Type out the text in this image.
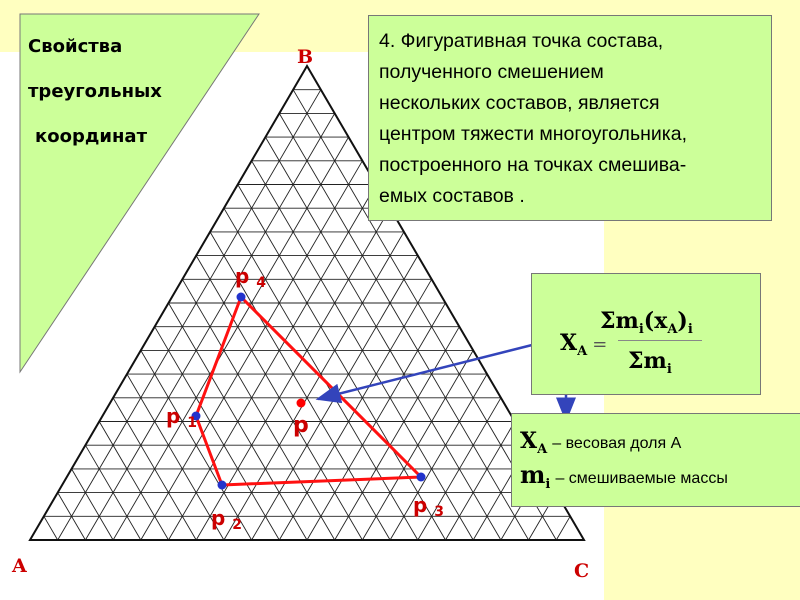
Свойства
треугольных
координат
A
B
C
p $_4$
p $_1$
p $_2$
p $_3$
p
4. Фигуративная точка состава,
полученного смешением
нескольких составов, является
центром тяжести многоугольника,
построенного на точках смешива-
емых составов .
$X_A$ =
$\Sigma m_i(x_A)_i$
$\Sigma m_i$
$X_A$ – весовая доля А
$m_i$ – смешиваемые массы
